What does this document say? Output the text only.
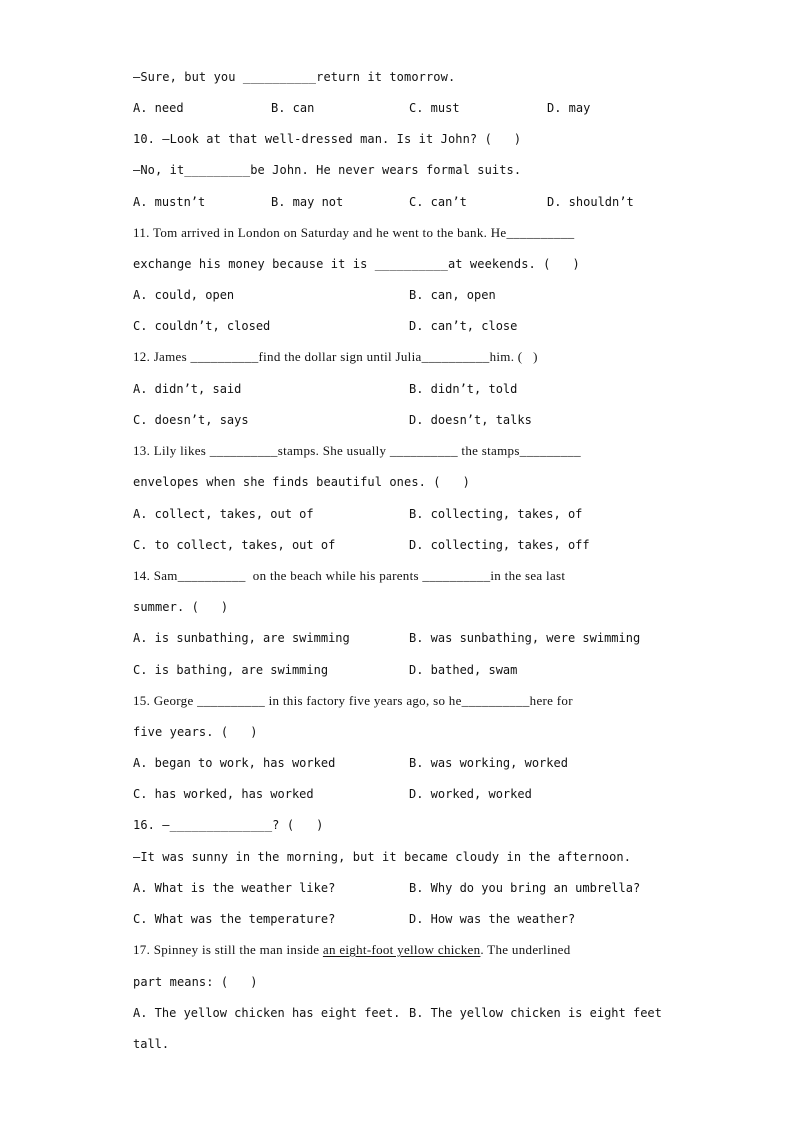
—Sure, but you __________return it tomorrow.
A. need	B. can	C. must	D. may
10. —Look at that well-dressed man. Is it John? (   )
—No, it_________be John. He never wears formal suits.
A. mustn’t	B. may not	C. can’t	D. shouldn’t
11. Tom arrived in London on Saturday and he went to the bank. He__________
exchange his money because it is __________at weekends. (   )
A. could, open	B. can, open
C. couldn’t, closed	D. can’t, close
12. James __________find the dollar sign until Julia__________him. (   )
A. didn’t, said	B. didn’t, told
C. doesn’t, says	D. doesn’t, talks
13. Lily likes __________stamps. She usually __________ the stamps_________
envelopes when she finds beautiful ones. (   )
A. collect, takes, out of	B. collecting, takes, of
C. to collect, takes, out of	D. collecting, takes, off
14. Sam__________  on the beach while his parents __________in the sea last
summer. (   )
A. is sunbathing, are swimming	B. was sunbathing, were swimming
C. is bathing, are swimming	D. bathed, swam
15. George __________ in this factory five years ago, so he__________here for
five years. (   )
A. began to work, has worked	B. was working, worked
C. has worked, has worked	D. worked, worked
16. —______________? (   )
—It was sunny in the morning, but it became cloudy in the afternoon.
A. What is the weather like?	B. Why do you bring an umbrella?
C. What was the temperature?	D. How was the weather?
17. Spinney is still the man inside an eight-foot yellow chicken. The underlined
part means: (   )
A. The yellow chicken has eight feet. B. The yellow chicken is eight feet
tall.
